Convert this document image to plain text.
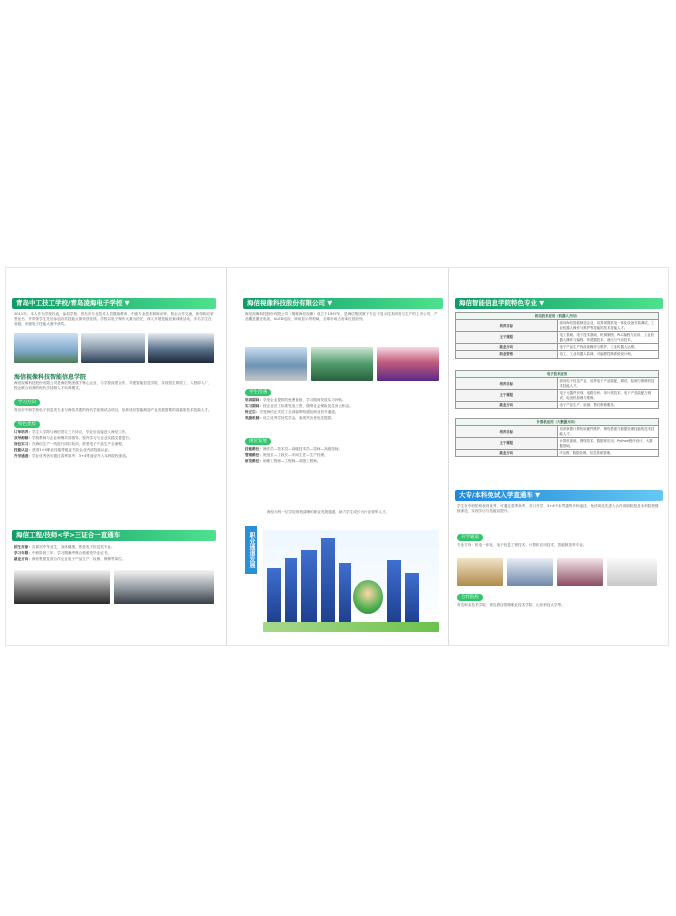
青岛中工技工学校/青岛凌海电子学校 ▼
2011年，本人作为学校代表，参加学校、青岛市专业技术人员继续教育、中级专业技术职称评审、校企合作交流，获得相应荣誉证书，并带领学生先后参加各类技能大赛荣获佳绩。学校以电子制作大赛为依托，深入开展技能竞赛训练活动，多名学生在省级、市级电子技能大赛中获奖。
海信视像科技智能信息学院
海信视像科技股份有限公司是海信集团旗下核心企业，与学校深度合作，共建智能信息学院，实现招生即招工、入校即入厂、校企联合培养的现代学徒制人才培养模式。
学习方向
青岛市中职学校电子信息类专业与海信共建的现代学徒制试点项目，培养适应智能制造产业发展需要的高素质技术技能人才。
特色优势
订单培养：学生入学即与海信签订三方协议，毕业后直接进入海信工作。
双导师制：学校教师与企业师傅共同指导，校内学习与企业实践交替进行。
岗位实习：在海信生产一线进行岗位轮训，熟悉电子产品生产全流程。
技能认证：获得1+X职业技能等级证书及企业内部技能认证。
升学通道：学业优秀者可通过春季高考、3+4等途径升入本科院校深造。
海信工程/技师<学>三证合一直通车
招生对象：应届初中毕业生，身体健康，热爱电子信息类专业。
学习年限：中职阶段三年，学习期满考核合格颁发毕业证书。
就业方向：海信集团及其合作企业电子产品生产、检测、维修等岗位。
海信视像科技股份有限公司 ▼
海信视像科技股份有限公司（简称海信视像）成立于1997年，是海信集团旗下专注于显示技术研发与生产的上市公司，产品覆盖激光电视、ULED电视、商用显示等领域，全球市场占有率位居前列。
学生待遇
培训期间：享受企业提供的免费食宿，学习期间发放实习补贴。
实习期间：按企业员工标准发放工资，缴纳社会保险及住房公积金。
转正后：享受海信正式员工全部福利待遇及职业晋升通道。
奖励机制：设立优秀学徒奖学金，表现突出者优先提拔。
岗位发展
技能路径：操作员—技术员—高级技术员—技师—高级技师。
管理路径：班组长—工段长—车间主任—生产经理。
研发路径：助理工程师—工程师—高级工程师。
职业通道发展
海信为每一位学徒规划清晰的职业发展通道，助力学生成长为行业领军人才。
海信智能信息学院特色专业 ▼
机电技术应用（机器人方向）	
培养目标	面向海信智能制造企业，培养掌握机电一体化设备安装调试、工业机器人操作与维护等技能的技术技能人才。
主干课程	电工基础、电子技术基础、机械制图、PLC编程与应用、工业机器人操作与编程、传感器技术、液压与气动技术。
就业方向	电子产品生产线设备操作与维护、工业机器人运维。
职业资格	电工、工业机器人装调、可编程控制系统设计师。
电子技术应用	
培养目标	面向电子信息产业，培养电子产品装配、调试、检测与维修的技术技能人才。
主干课程	电子元器件识别、电路分析、单片机技术、电子产品装配与调试、电视机原理与维修。
就业方向	电子产品生产、检测、售后维修服务。
计算机应用（大数据方向）	
培养目标	培养掌握计算机软硬件维护、网络搭建与数据处理技能的技术技能人才。
主干课程	计算机基础、网络技术、数据库应用、Python程序设计、大数据基础。
就业方向	IT运维、数据处理、信息系统管理。
大专/本科免试入学直通车 ▼
学生在中职阶段表现优秀，可通过春季高考、对口升学、3+4中本贯通等多种途径，免试或优先进入合作高职院校及本科院校继续深造，实现学历与技能双提升。
升学通道
专业方向：机电一体化、电子信息工程技术、计算机应用技术、智能制造等专业。
合作院校
青岛职业技术学院、青岛酒店管理职业技术学院、山东科技大学等。
